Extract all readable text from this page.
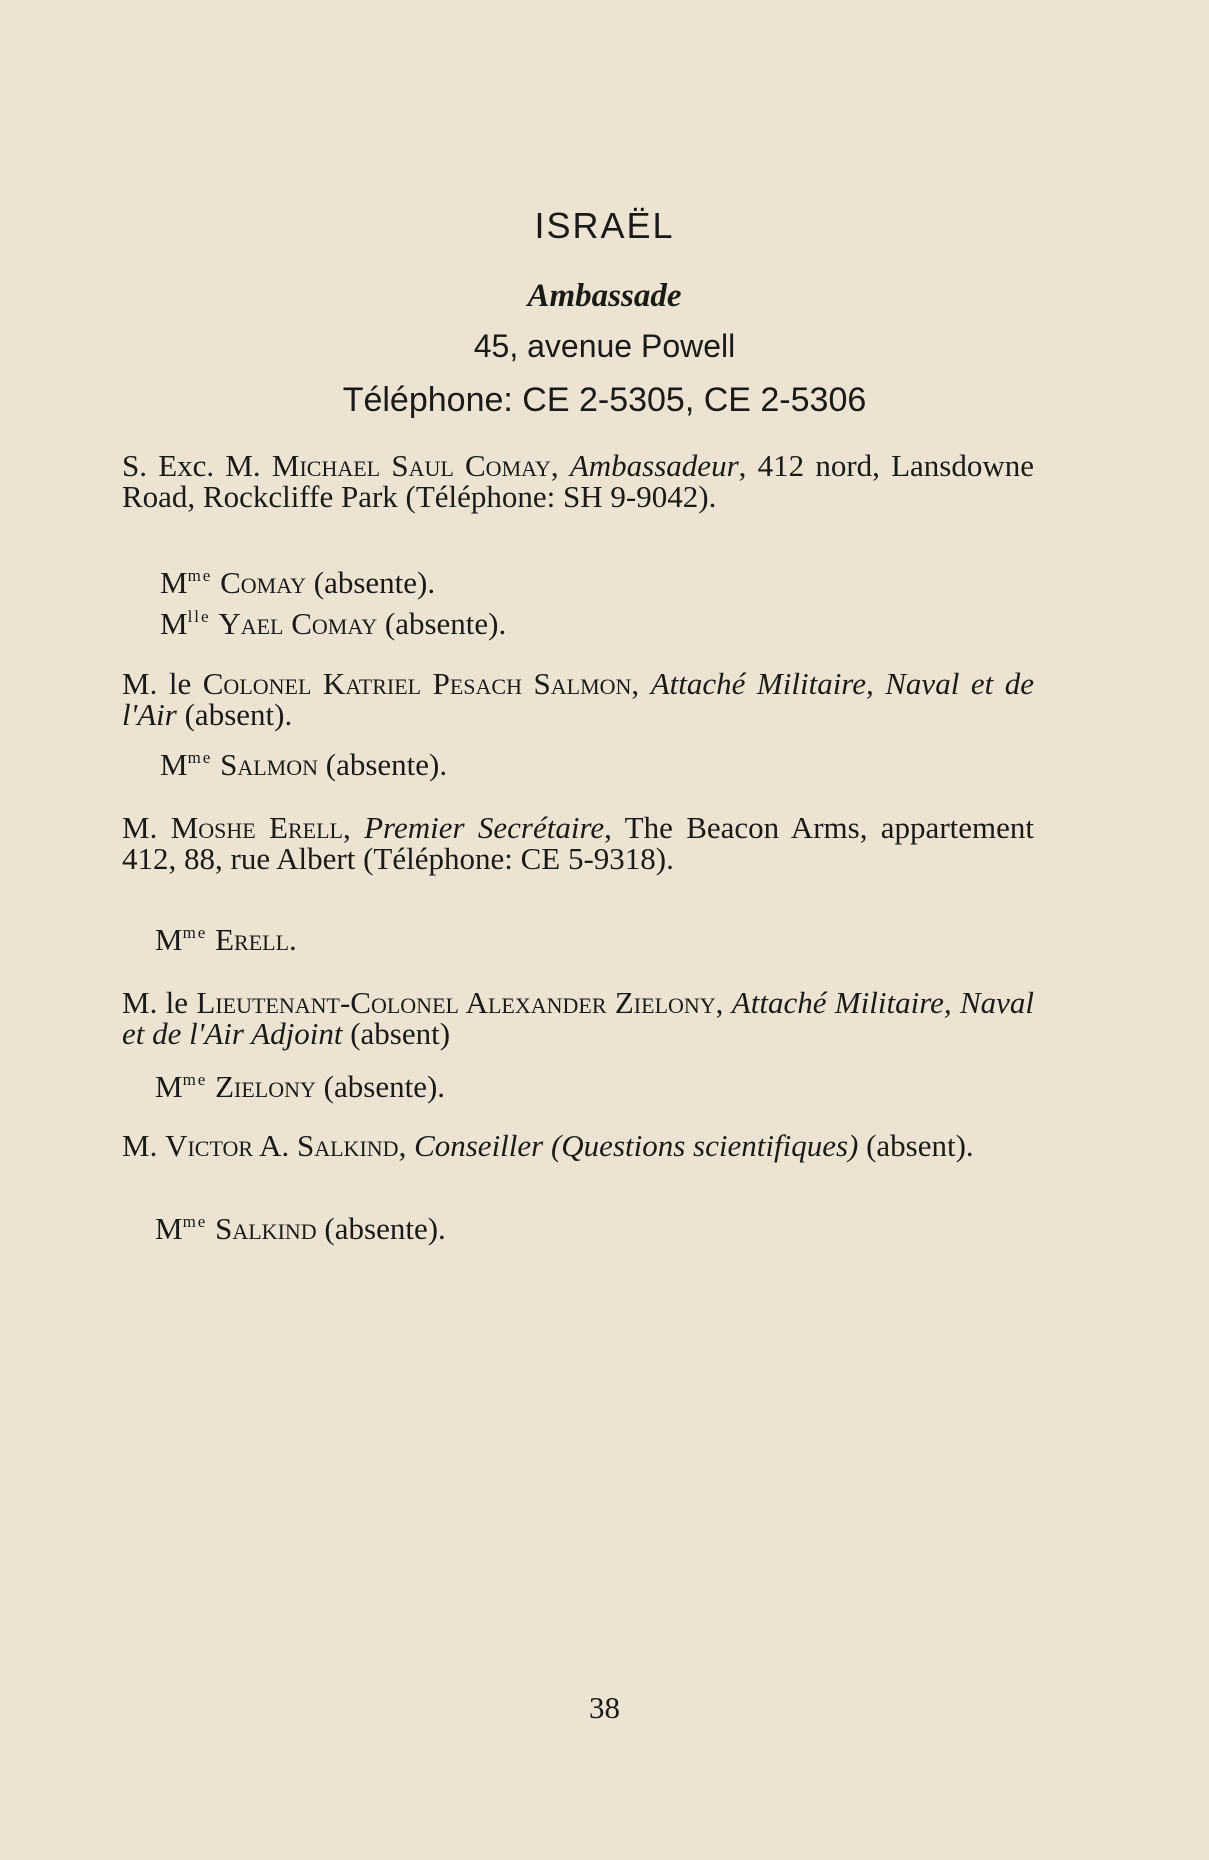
ISRAËL
Ambassade
45, avenue Powell
Téléphone: CE 2-5305, CE 2-5306

S. Exc. M. Michael Saul Comay, Ambassadeur, 412 nord, Lansdowne Road, Rockcliffe Park (Téléphone: SH 9-9042).

$M^{me}$ Comay (absente).
$M^{lle}$ Yael Comay (absente).

M. le Colonel Katriel Pesach Salmon, Attaché Militaire, Naval et de l'Air (absent).

$M^{me}$ Salmon (absente).

M. Moshe Erell, Premier Secrétaire, The Beacon Arms, appartement 412, 88, rue Albert (Téléphone: CE 5-9318).

$M^{me}$ Erell.

M. le Lieutenant-Colonel Alexander Zielony, Attaché Militaire, Naval et de l'Air Adjoint (absent)

$M^{me}$ Zielony (absente).

M. Victor A. Salkind, Conseiller (Questions scientifiques) (absent).

$M^{me}$ Salkind (absente).
38
